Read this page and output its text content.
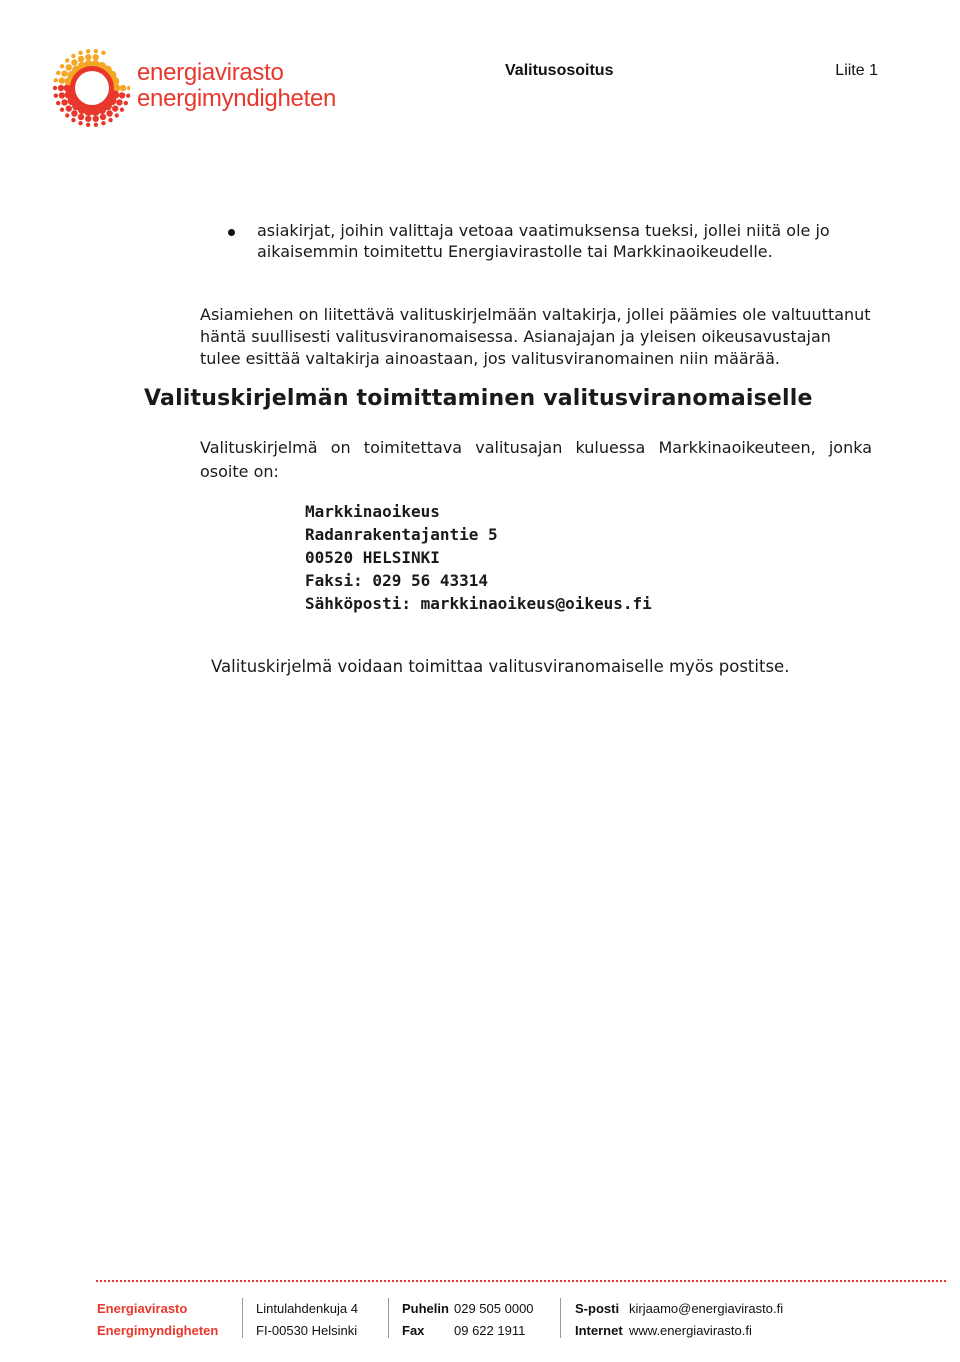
energiavirasto
energimyndigheten
Valitusosoitus	Liite 1
asiakirjat, joihin valittaja vetoaa vaatimuksensa tueksi, jollei niitä ole jo aikaisemmin toimitettu Energiavirastolle tai Markkinaoikeudelle.
Asiamiehen on liitettävä valituskirjelmään valtakirja, jollei päämies ole valtuuttanut häntä suullisesti valitusviranomaisessa. Asianajajan ja yleisen oikeusavustajan tulee esittää valtakirja ainoastaan, jos valitusviranomainen niin määrää.
Valituskirjelmän toimittaminen valitusviranomaiselle
Valituskirjelmä on toimitettava valitusajan kuluessa Markkinaoikeuteen, jonka osoite on:
Markkinaoikeus
Radanrakentajantie 5
00520 HELSINKI
Faksi: 029 56 43314
Sähköposti: markkinaoikeus@oikeus.fi
Valituskirjelmä voidaan toimittaa valitusviranomaiselle myös postitse.
Energiavirasto
Energimyndigheten
Lintulahdenkuja 4
FI-00530 Helsinki
Puhelin
Fax
029 505 0000
09 622 1911
S-posti
Internet
kirjaamo@energiavirasto.fi
www.energiavirasto.fi
